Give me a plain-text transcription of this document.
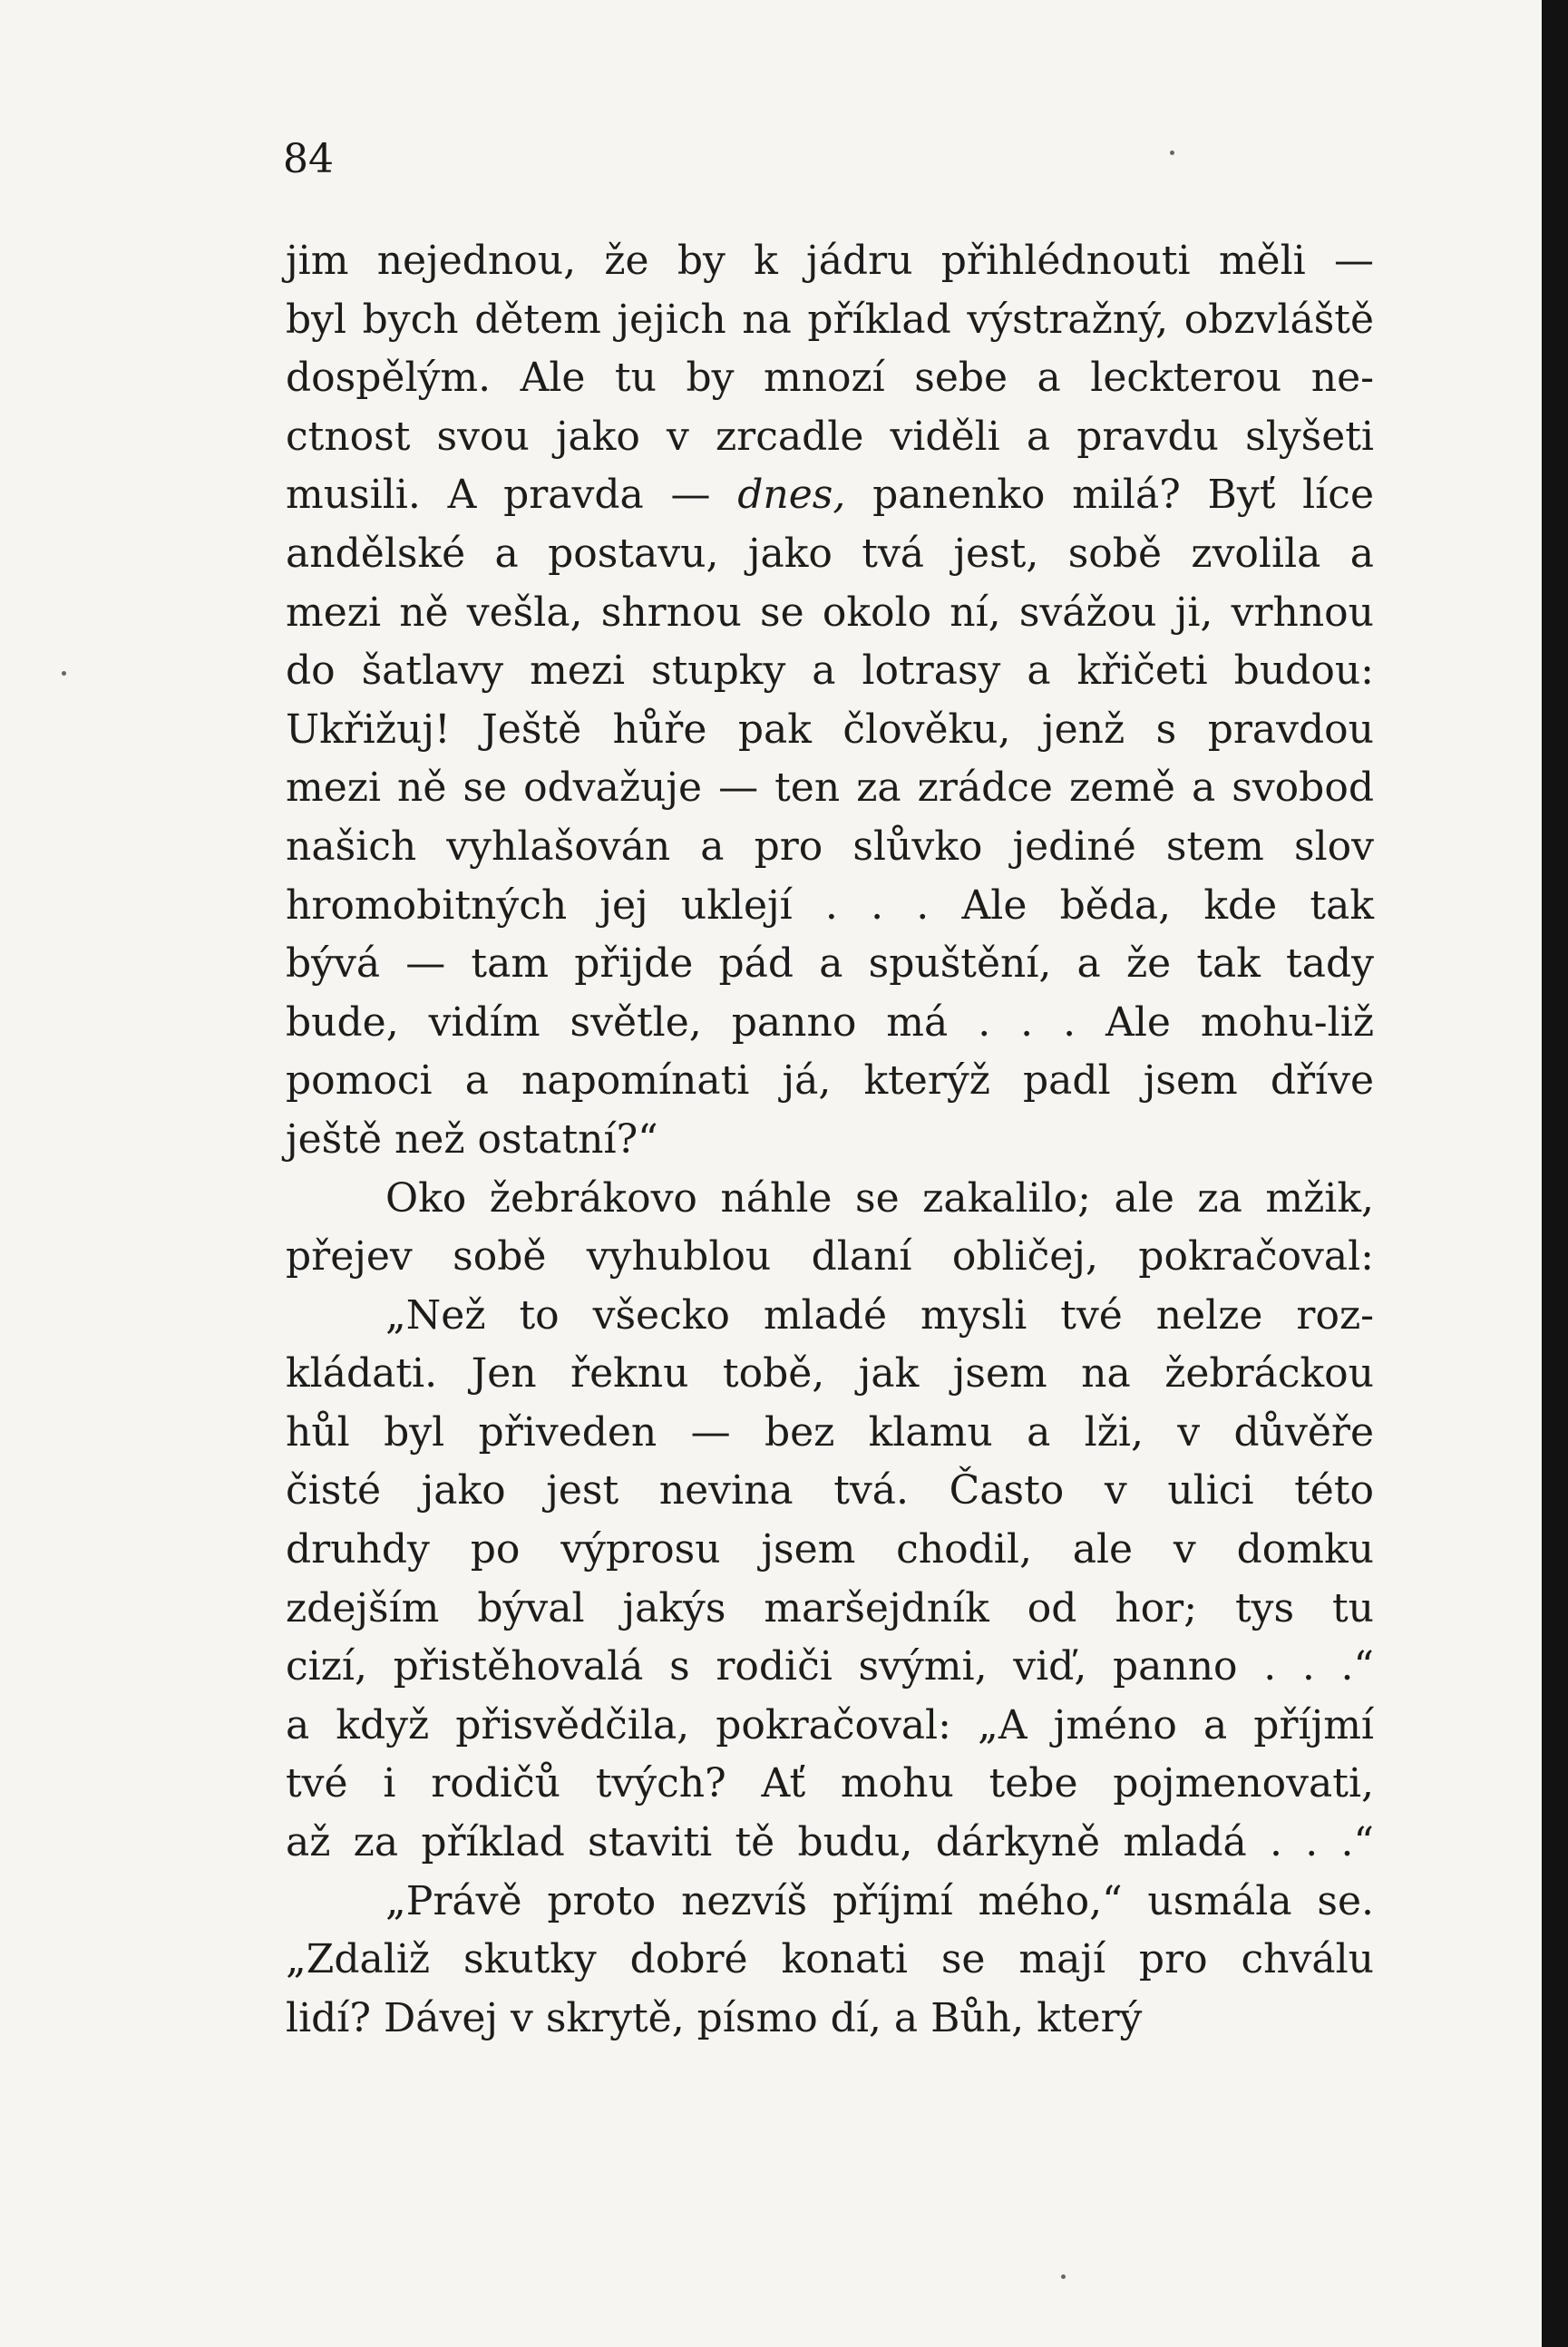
84

jim nejednou, že by k jádru přihlédnouti měli —
byl bych dětem jejich na příklad výstražný, obzvláště
dospělým. Ale tu by mnozí sebe a leckterou ne-
ctnost svou jako v zrcadle viděli a pravdu slyšeti
musili. A pravda — dnes, panenko milá? Byť líce
andělské a postavu, jako tvá jest, sobě zvolila a
mezi ně vešla, shrnou se okolo ní, svážou ji, vrhnou
do šatlavy mezi stupky a lotrasy a křičeti budou:
Ukřižuj! Ještě hůře pak člověku, jenž s pravdou
mezi ně se odvažuje — ten za zrádce země a svobod
našich vyhlašován a pro slůvko jediné stem slov
hromobitných jej uklejí . . . Ale běda, kde tak
bývá — tam přijde pád a spuštění, a že tak tady
bude, vidím světle, panno má . . . Ale mohu-liž
pomoci a napomínati já, kterýž padl jsem dříve
ještě než ostatní?“
Oko žebrákovo náhle se zakalilo; ale za mžik,
přejev sobě vyhublou dlaní obličej, pokračoval:
„Než to všecko mladé mysli tvé nelze roz-
kládati. Jen řeknu tobě, jak jsem na žebráckou
hůl byl přiveden — bez klamu a lži, v důvěře
čisté jako jest nevina tvá. Často v ulici této
druhdy po výprosu jsem chodil, ale v domku
zdejším býval jakýs maršejdník od hor; tys tu
cizí, přistěhovalá s rodiči svými, viď, panno . . .“
a když přisvědčila, pokračoval: „A jméno a příjmí
tvé i rodičů tvých? Ať mohu tebe pojmenovati,
až za příklad staviti tě budu, dárkyně mladá . . .“
„Právě proto nezvíš příjmí mého,“ usmála se.
„Zdaliž skutky dobré konati se mají pro chválu
lidí? Dávej v skrytě, písmo dí, a Bůh, který
